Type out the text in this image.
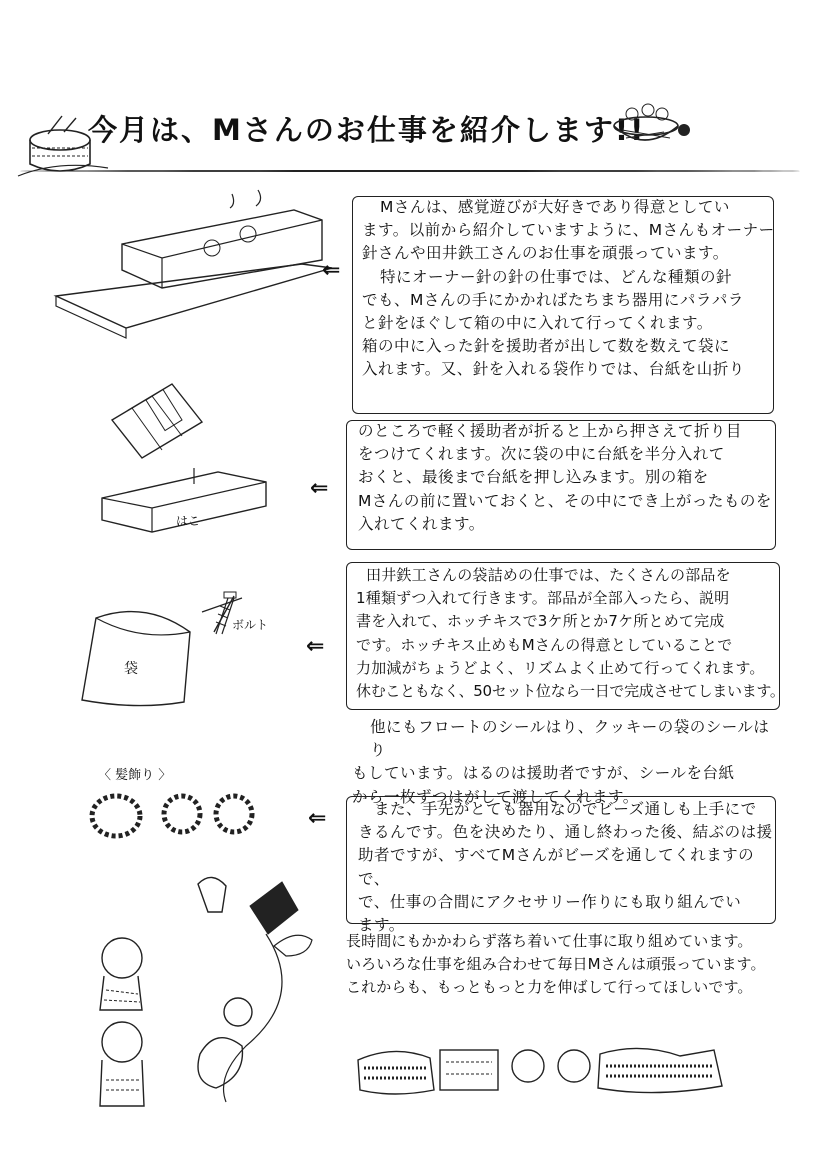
今月は、Mさんのお仕事を紹介します!!
⇐

Mさんは、感覚遊びが大好きであり得意としてい

ます。以前から紹介していますように、Mさんもオーナー

針さんや田井鉄工さんのお仕事を頑張っています。

特にオーナー針の針の仕事では、どんな種類の針

でも、Mさんの手にかかればたちまち器用にパラパラ

と針をほぐして箱の中に入れて行ってくれます。

箱の中に入った針を援助者が出して数を数えて袋に

入れます。又、針を入れる袋作りでは、台紙を山折り

はこ
⇐

のところで軽く援助者が折ると上から押さえて折り目

をつけてくれます。次に袋の中に台紙を半分入れて

おくと、最後まで台紙を押し込みます。別の箱を

Mさんの前に置いておくと、その中にでき上がったものを

入れてくれます。

ボルト
袋
⇐

田井鉄工さんの袋詰めの仕事では、たくさんの部品を

1種類ずつ入れて行きます。部品が全部入ったら、説明

書を入れて、ホッチキスで3ケ所とか7ケ所とめて完成

です。ホッチキス止めもMさんの得意としていることで

力加減がちょうどよく、リズムよく止めて行ってくれます。

休むこともなく、50セット位なら一日で完成させてしまいます。

他にもフロートのシールはり、クッキーの袋のシールはり

もしています。はるのは援助者ですが、シールを台紙

から一枚ずつはがして渡してくれます。

〈 髪飾り 〉
⇐	また、手先がとても器用なのでビーズ通しも上手にで

きるんです。色を決めたり、通し終わった後、結ぶのは援

助者ですが、すべてMさんがビーズを通してくれますので、

で、仕事の合間にアクセサリー作りにも取り組んでい

ます。

長時間にもかかわらず落ち着いて仕事に取り組めています。

いろいろな仕事を組み合わせて毎日Mさんは頑張っています。

これからも、もっともっと力を伸ばして行ってほしいです。
